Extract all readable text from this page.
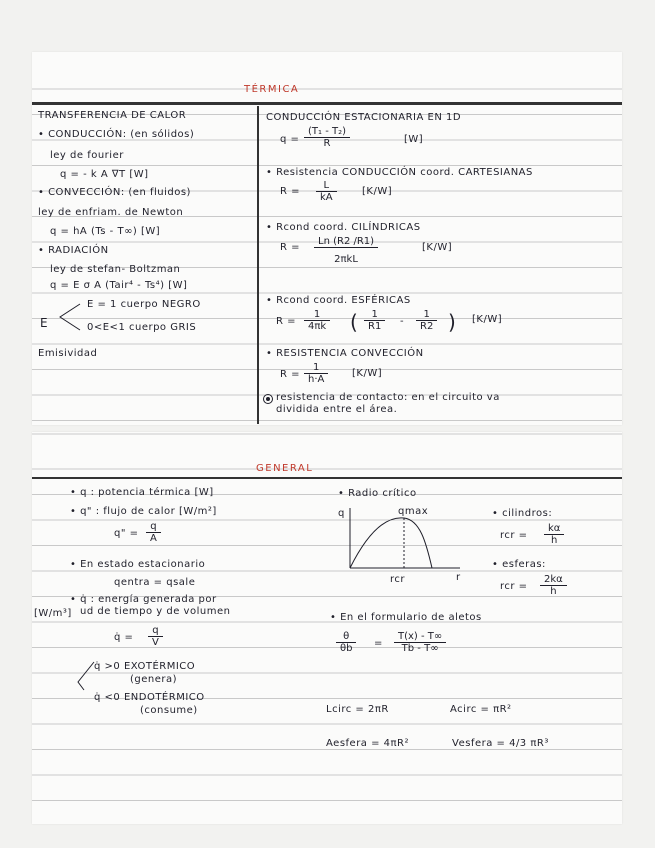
TÉRMICA
TRANSFERENCIA DE CALOR
• CONDUCCIÓN: (en sólidos)
ley de fourier
q = - k A ∇T [W]
• CONVECCIÓN: (en fluidos)
ley de enfriam. de Newton
q = hA (Ts - T∞) [W]
• RADIACIÓN
ley de stefan- Boltzman
q = E σ A (Tair⁴ - Ts⁴) [W]
E = 1 cuerpo NEGRO
E	0<E<1 cuerpo GRIS
Emisividad
CONDUCCIÓN ESTACIONARIA EN 1D
$q = \frac{\text{(T₁ - T₂)}}{R}$	[W]
• Resistencia CONDUCCIÓN coord. CARTESIANAS
$R = \frac{L}{kA}$	[K/W]
• Rcond coord. CILÍNDRICAS
R =
Ln (R2 /R1)
2πkL
[K/W]
• Rcond coord. ESFÉRICAS
$R = \frac{1}{4\pi k}$ ( $\frac{1}{R1} - \frac{1}{R2}$ ) [K/W]
• RESISTENCIA CONVECCIÓN
$R = \frac{1}{h\cdot A} [K/W]$
resistencia de contacto: en el circuito va
dividida entre el área.
GENERAL
• q : potencia térmica [W]
• q" : flujo de calor [W/m²]
q" = $\frac{q}{A}$
• En estado estacionario
qentra = qsale
• q̇ : energía generada por
[W/m³] ud de tiempo y de volumen
q̇ = $\frac{q}{V}$
q̇ >0 EXOTÉRMICO
(genera)
q̇ <0 ENDOTÉRMICO
(consume)
• Radio crítico
q	qmax
r
rcr
• cilindros:
rcr = $\frac{k\alpha}{h}$
• esferas:
rcr = $\frac{2k\alpha}{h}$
• En el formulario de aletos
$\frac{\theta}{\theta b} = \frac{T(x) - T\infty}{Tb - T\infty}$
Lcirc = 2πR	Acirc = πR²
Aesfera = 4πR²	Vesfera = 4/3 πR³
